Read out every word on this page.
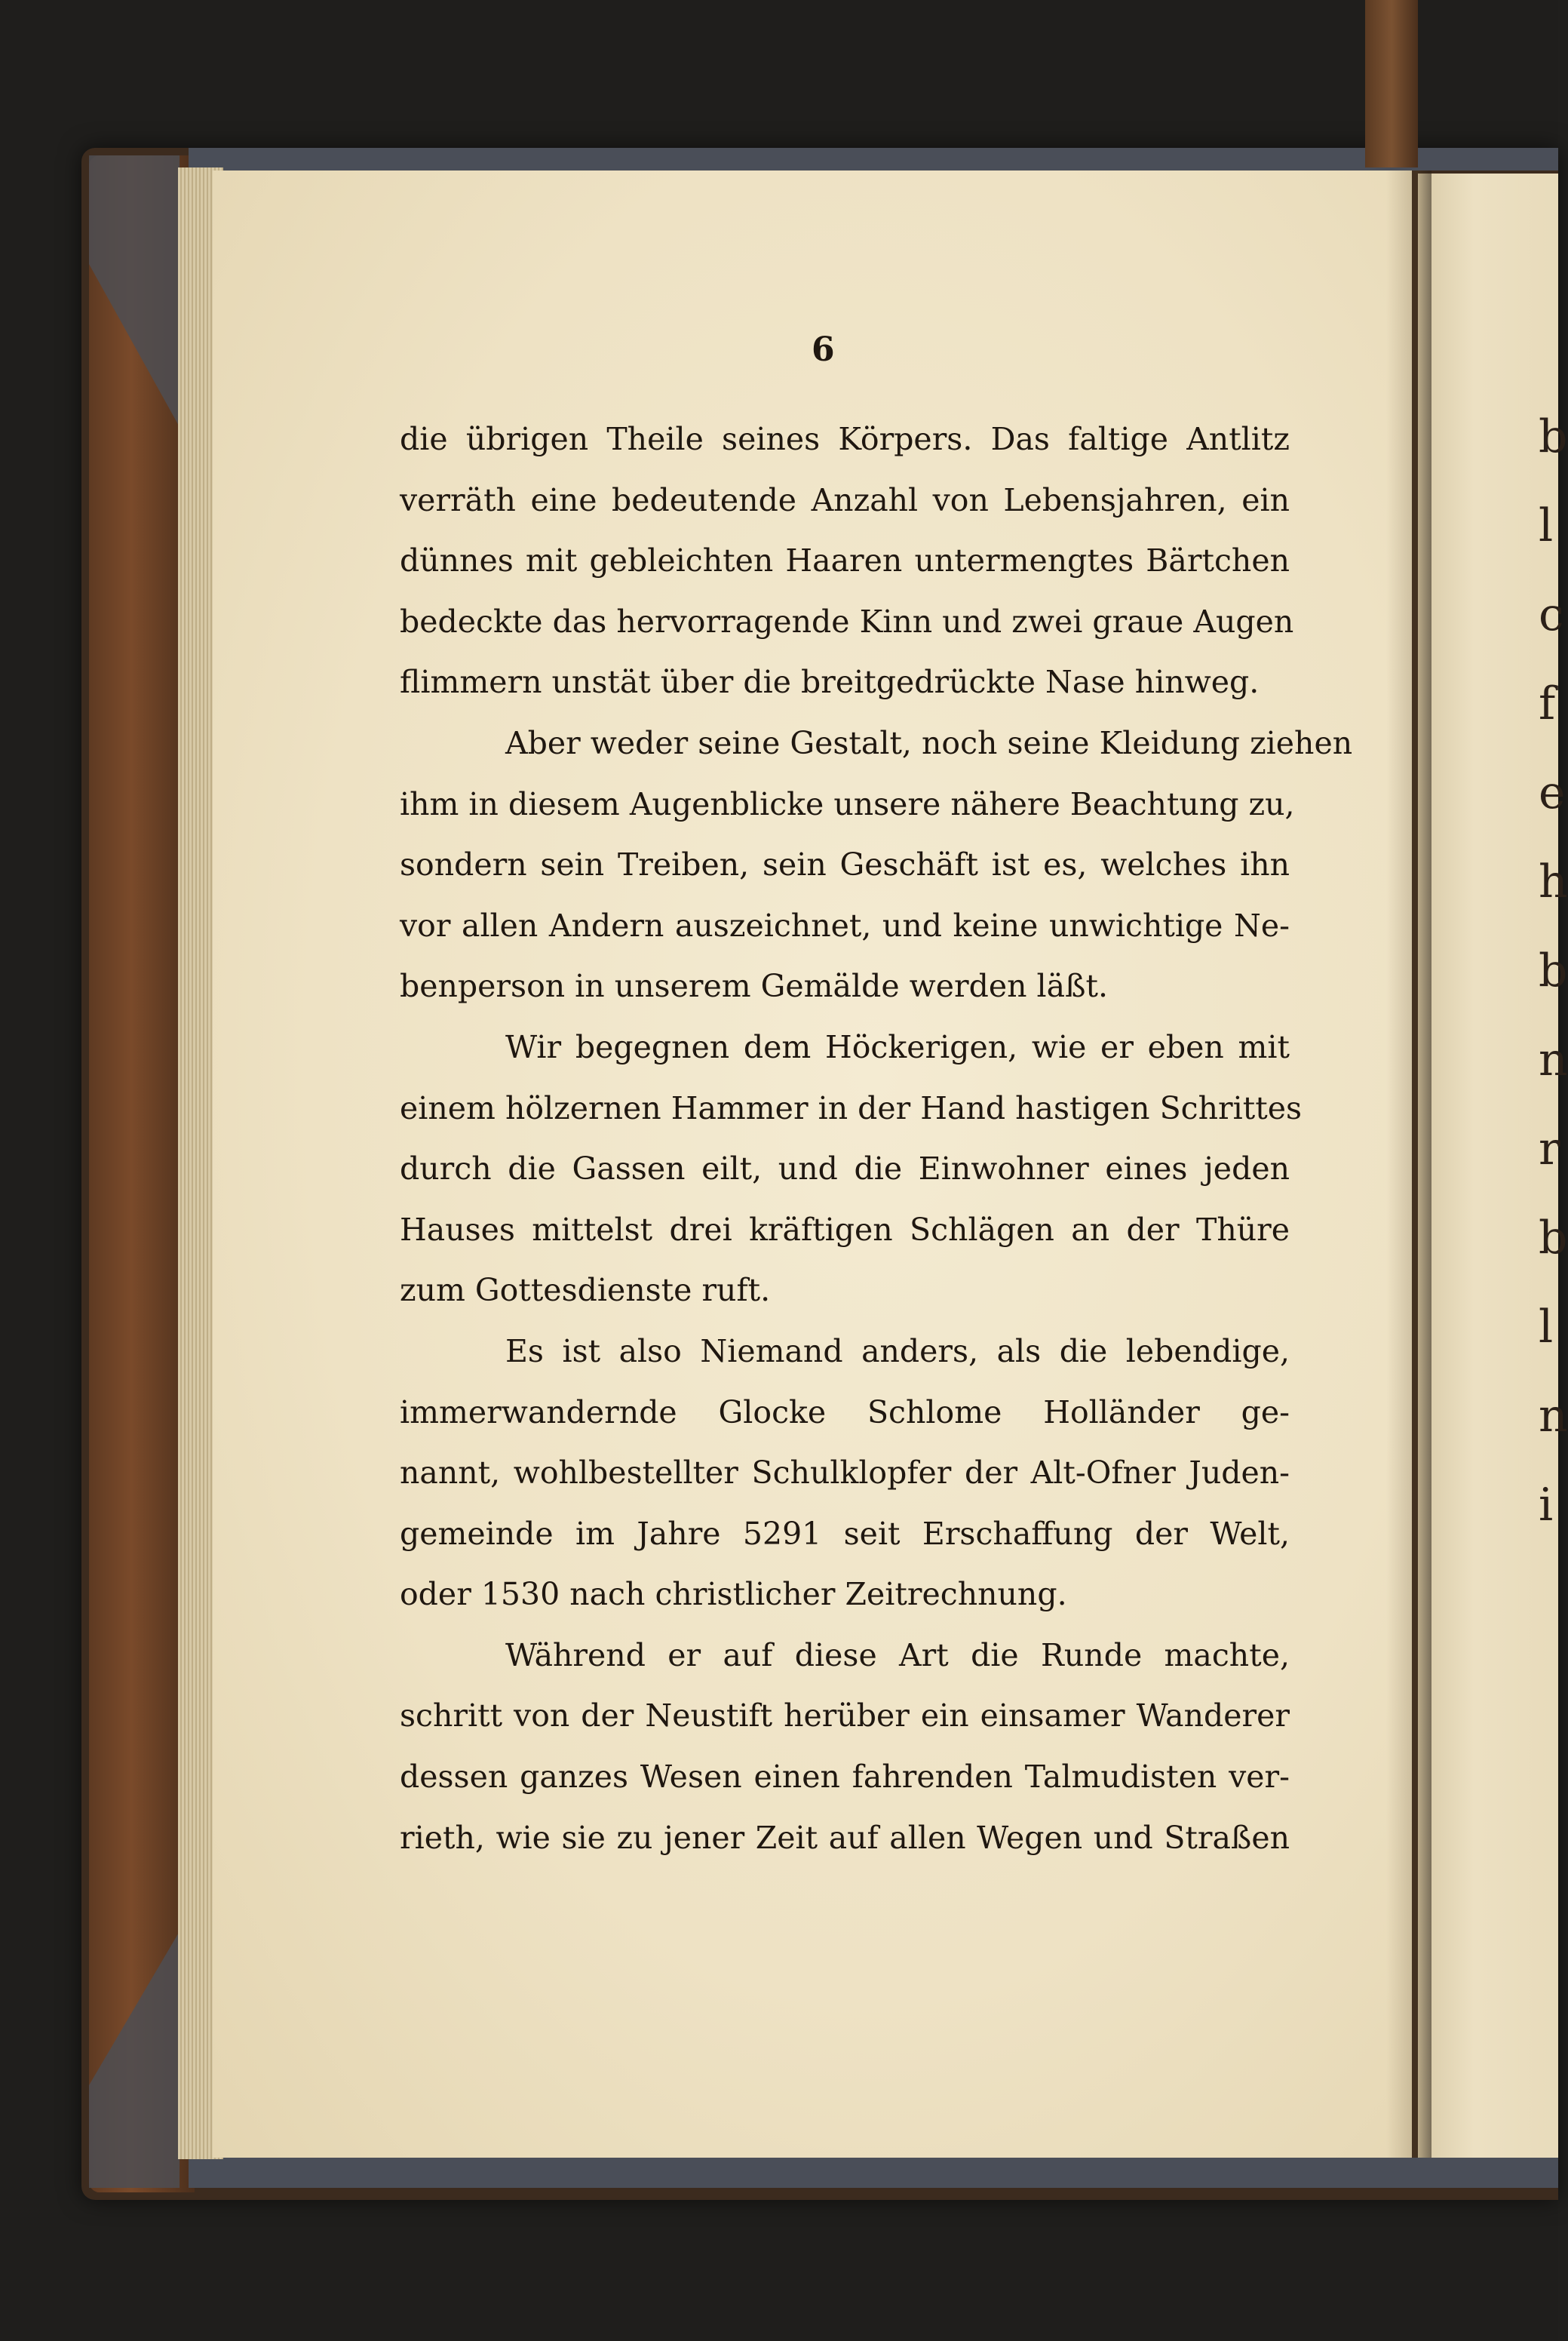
b
l
c
f
e
h
b
n
r
b
l
n
i
6
die übrigen Theile seines Körpers. Das faltige Antlitz
verräth eine bedeutende Anzahl von Lebensjahren, ein
dünnes mit gebleichten Haaren untermengtes Bärtchen
bedeckte das hervorragende Kinn und zwei graue Augen
flimmern unstät über die breitgedrückte Nase hinweg.
Aber weder seine Gestalt, noch seine Kleidung ziehen
ihm in diesem Augenblicke unsere nähere Beachtung zu,
sondern sein Treiben, sein Geschäft ist es, welches ihn
vor allen Andern auszeichnet, und keine unwichtige Ne-
benperson in unserem Gemälde werden läßt.
Wir begegnen dem Höckerigen, wie er eben mit
einem hölzernen Hammer in der Hand hastigen Schrittes
durch die Gassen eilt, und die Einwohner eines jeden
Hauses mittelst drei kräftigen Schlägen an der Thüre
zum Gottesdienste ruft.
Es ist also Niemand anders, als die lebendige,
immerwandernde Glocke Schlome Holländer ge-
nannt, wohlbestellter Schulklopfer der Alt-Ofner Juden-
gemeinde im Jahre 5291 seit Erschaffung der Welt,
oder 1530 nach christlicher Zeitrechnung.
Während er auf diese Art die Runde machte,
schritt von der Neustift herüber ein einsamer Wanderer
dessen ganzes Wesen einen fahrenden Talmudisten ver-
rieth, wie sie zu jener Zeit auf allen Wegen und Straßen
